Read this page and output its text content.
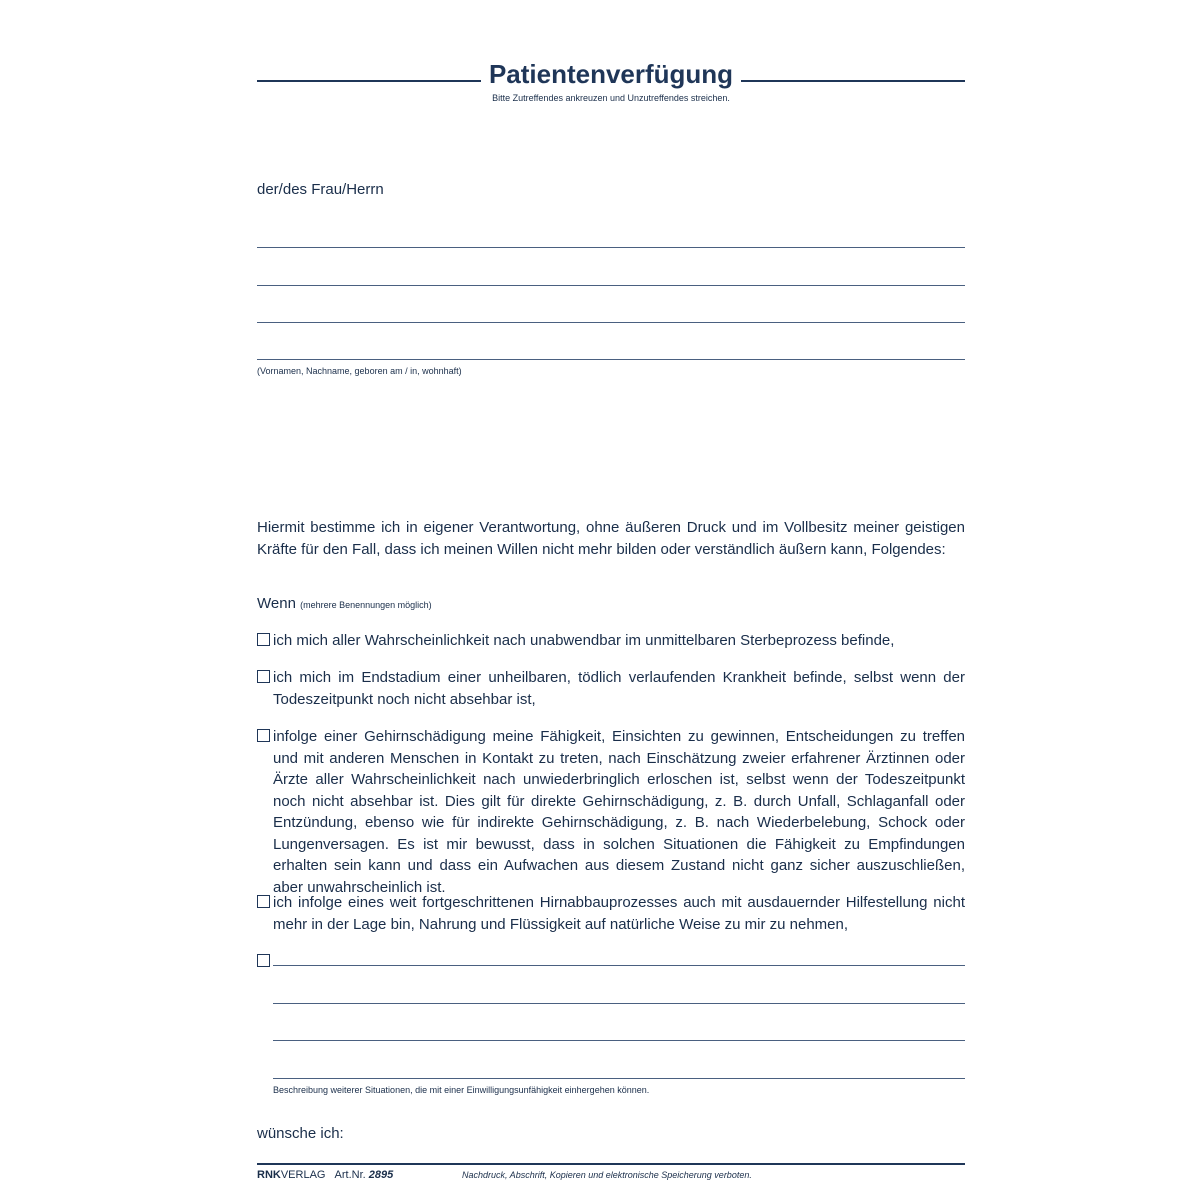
Patientenverfügung
Bitte Zutreffendes ankreuzen und Unzutreffendes streichen.
der/des Frau/Herrn
(Vornamen, Nachname, geboren am / in, wohnhaft)
Hiermit bestimme ich in eigener Verantwortung, ohne äußeren Druck und im Vollbesitz meiner geistigen Kräfte für den Fall, dass ich meinen Willen nicht mehr bilden oder verständlich äußern kann, Folgendes:
Wenn (mehrere Benennungen möglich)
ich mich aller Wahrscheinlichkeit nach unabwendbar im unmittelbaren Sterbeprozess befinde,
ich mich im Endstadium einer unheilbaren, tödlich verlaufenden Krankheit befinde, selbst wenn der Todeszeitpunkt noch nicht absehbar ist,
infolge einer Gehirnschädigung meine Fähigkeit, Einsichten zu gewinnen, Entscheidungen zu treffen und mit anderen Menschen in Kontakt zu treten, nach Einschätzung zweier erfahrener Ärztinnen oder Ärzte aller Wahrscheinlichkeit nach unwiederbringlich erloschen ist, selbst wenn der Todeszeitpunkt noch nicht absehbar ist. Dies gilt für direkte Gehirnschädigung, z. B. durch Unfall, Schlaganfall oder Entzündung, ebenso wie für indirekte Gehirnschädigung, z. B. nach Wiederbelebung, Schock oder Lungenversagen. Es ist mir bewusst, dass in solchen Situationen die Fähigkeit zu Empfindungen erhalten sein kann und dass ein Aufwachen aus diesem Zustand nicht ganz sicher auszuschließen, aber unwahrscheinlich ist.
ich infolge eines weit fortgeschrittenen Hirnabbauprozesses auch mit ausdauernder Hilfestellung nicht mehr in der Lage bin, Nahrung und Flüssigkeit auf natürliche Weise zu mir zu nehmen,
Beschreibung weiterer Situationen, die mit einer Einwilligungsunfähigkeit einhergehen können.
wünsche ich:
RNKVERLAG Art.Nr. 2895	Nachdruck, Abschrift, Kopieren und elektronische Speicherung verboten.
